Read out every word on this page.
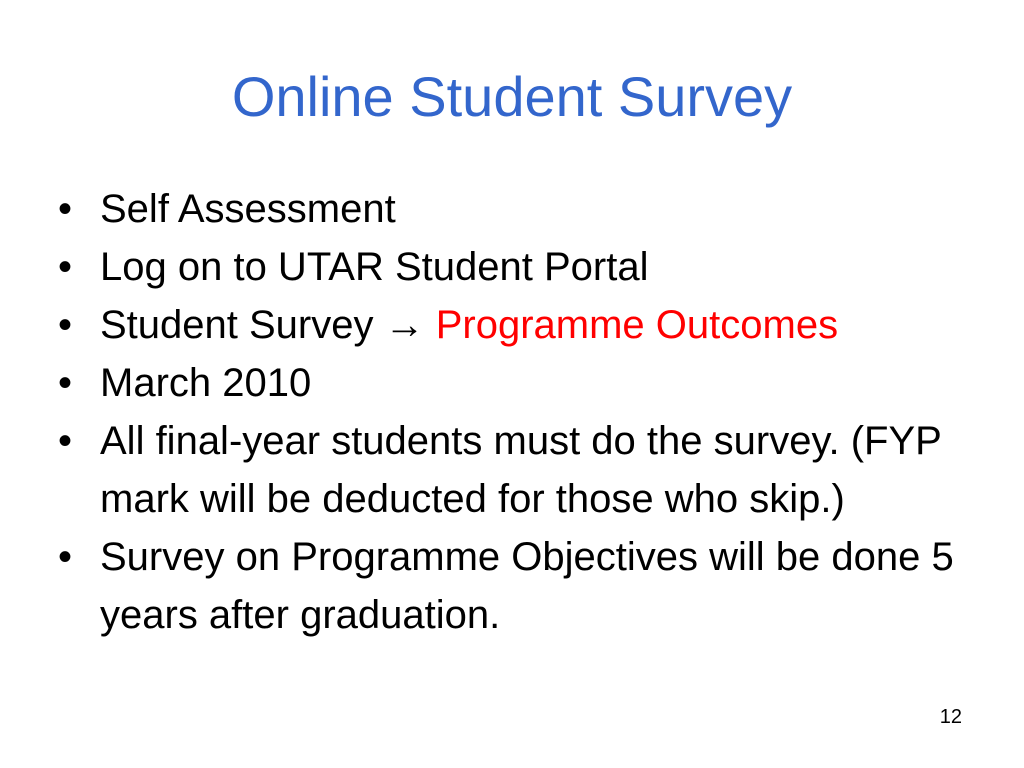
Online Student Survey
• Self Assessment
• Log on to UTAR Student Portal
• Student Survey → Programme Outcomes
• March 2010
• All final-year students must do the survey. (FYP mark will be deducted for those who skip.)
• Survey on Programme Objectives will be done 5 years after graduation.
12
